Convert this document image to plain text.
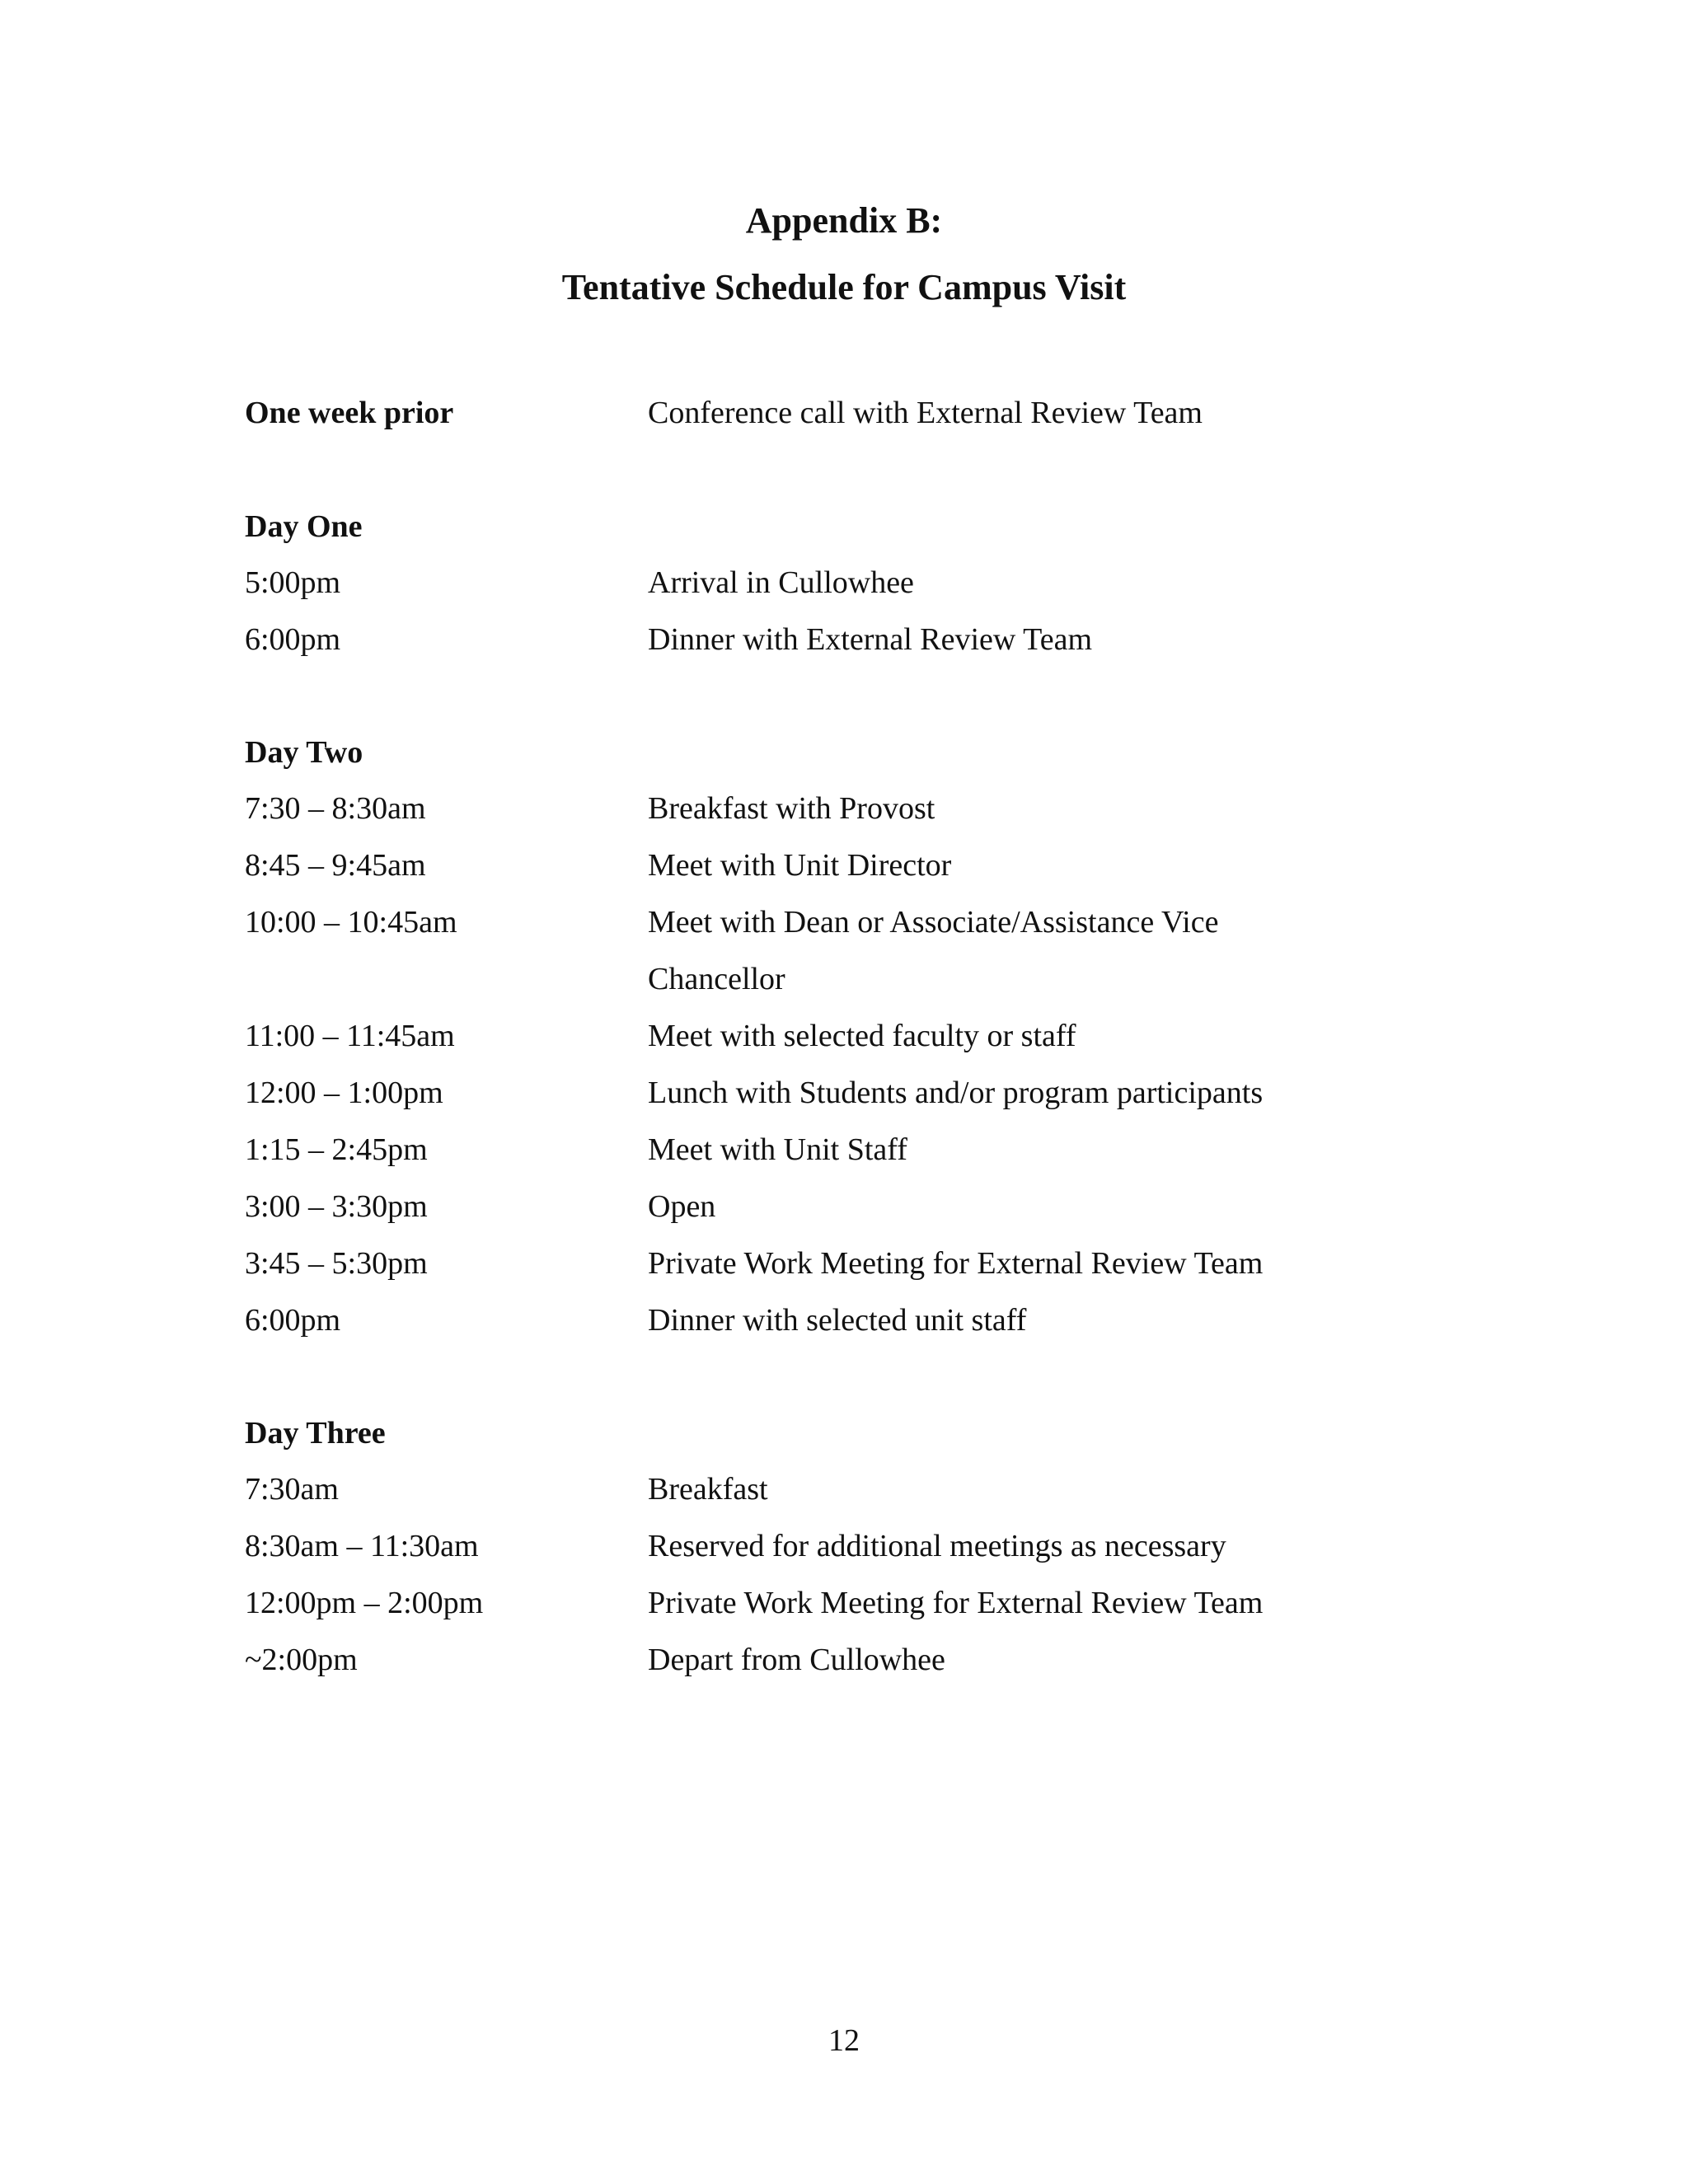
Appendix B:
Tentative Schedule for Campus Visit
One week prior	Conference call with External Review Team
Day One
5:00pm	Arrival in Cullowhee
6:00pm	Dinner with External Review Team
Day Two
7:30 – 8:30am	Breakfast with Provost
8:45 – 9:45am	Meet with Unit Director
10:00 – 10:45am	Meet with Dean or Associate/Assistance Vice
Chancellor
11:00 – 11:45am	Meet with selected faculty or staff
12:00 – 1:00pm	Lunch with Students and/or program participants
1:15 – 2:45pm	Meet with Unit Staff
3:00 – 3:30pm	Open
3:45 – 5:30pm	Private Work Meeting for External Review Team
6:00pm	Dinner with selected unit staff
Day Three
7:30am	Breakfast
8:30am – 11:30am	Reserved for additional meetings as necessary
12:00pm – 2:00pm	Private Work Meeting for External Review Team
~2:00pm	Depart from Cullowhee
12
